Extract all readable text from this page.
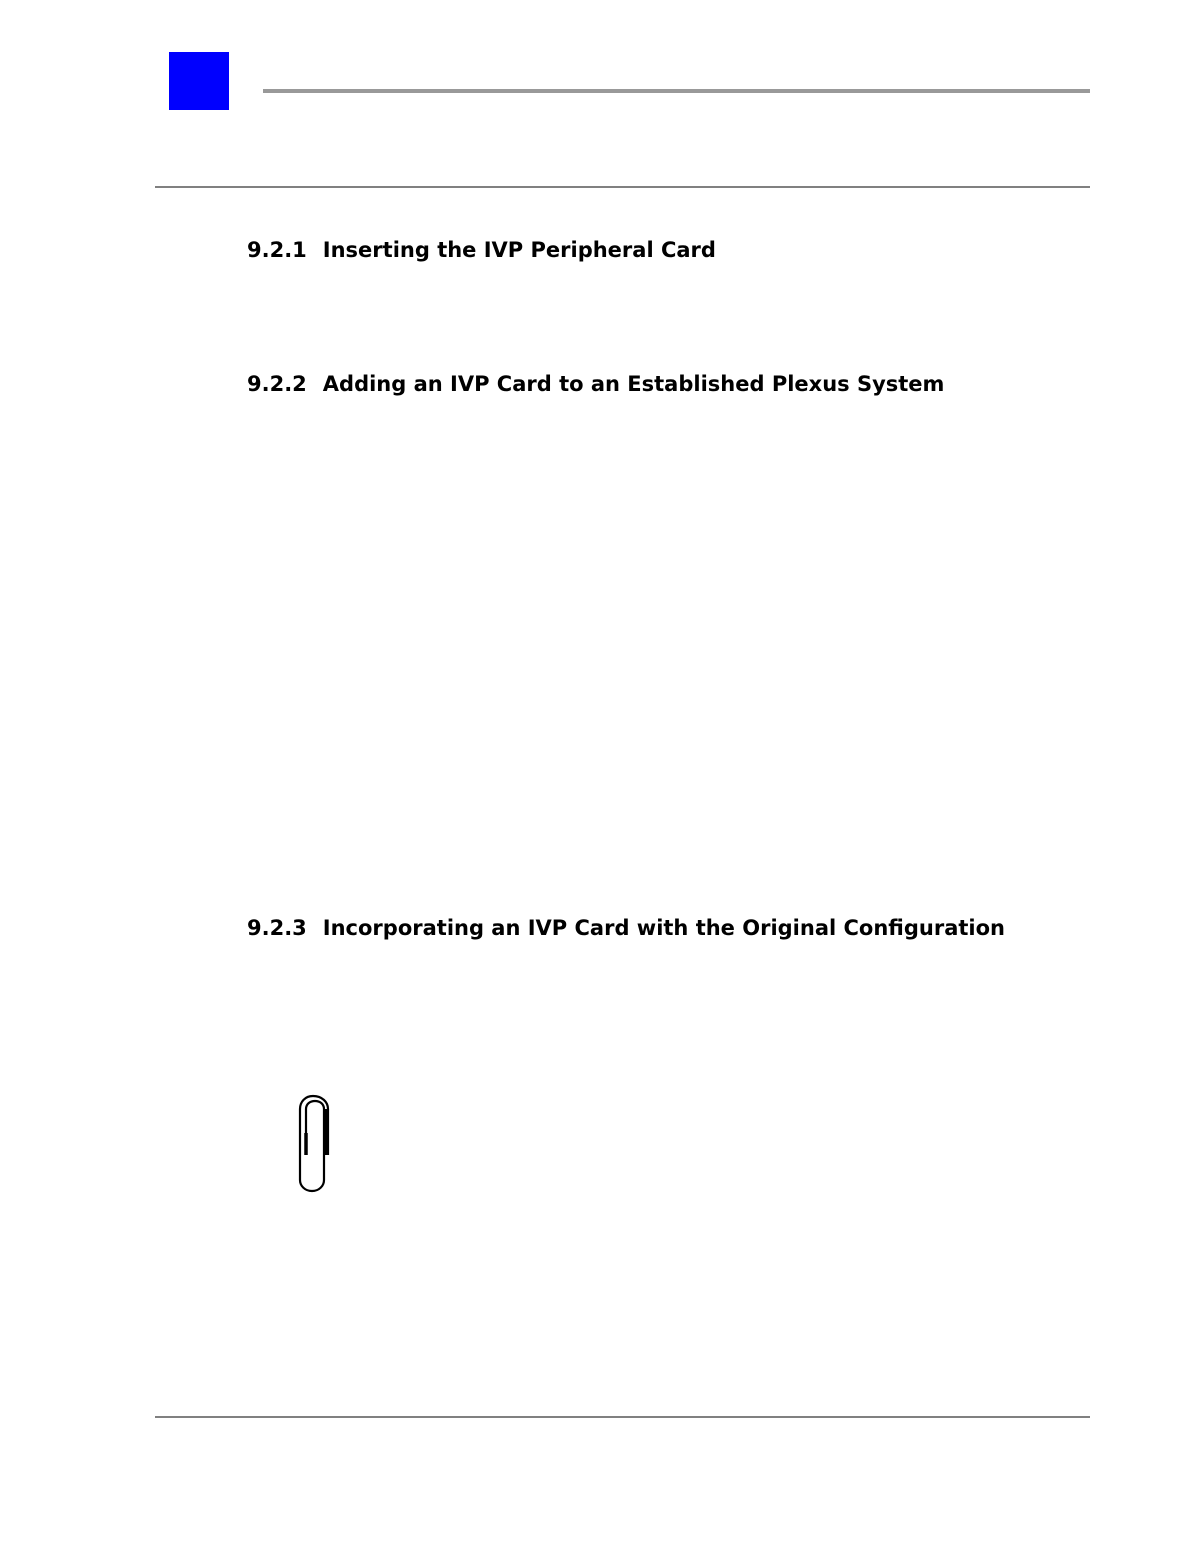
9.2.1 Inserting the IVP Peripheral Card
9.2.2 Adding an IVP Card to an Established Plexus System
9.2.3 Incorporating an IVP Card with the Original Configuration
